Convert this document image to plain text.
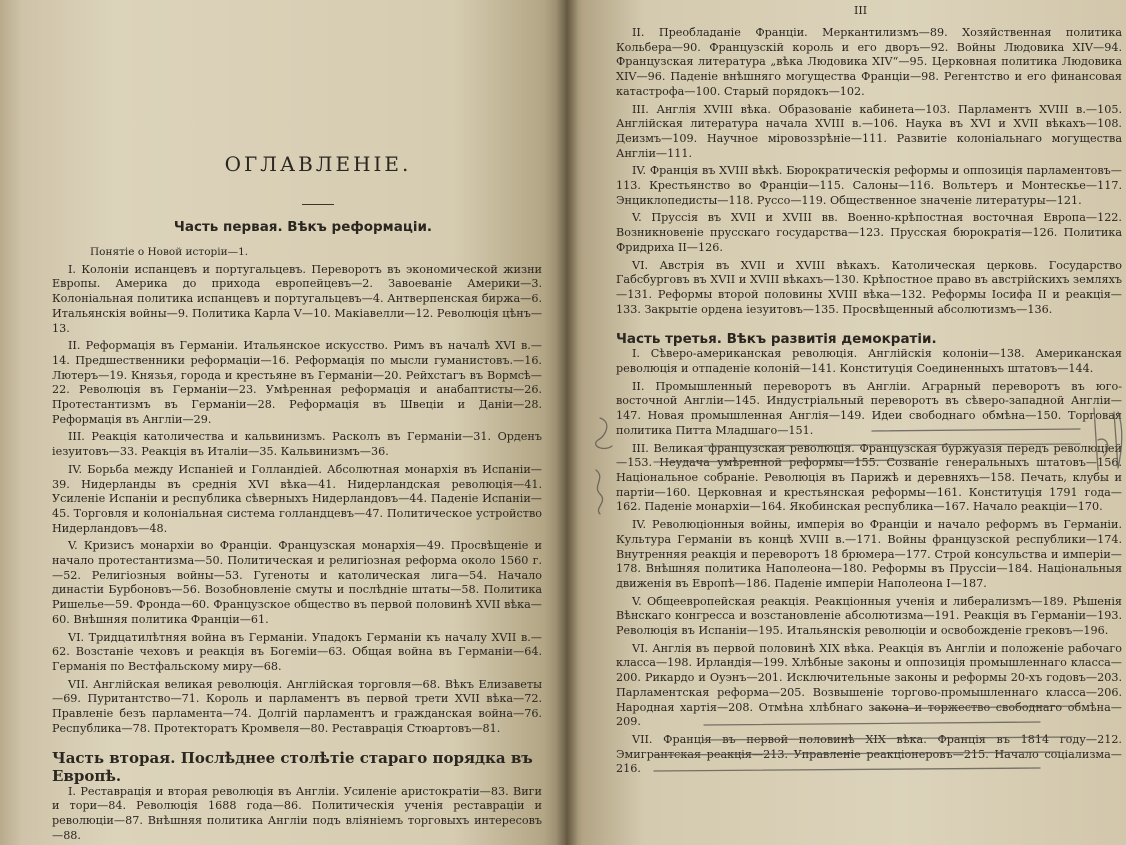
ОГЛАВЛЕНІЕ.
Часть первая. Вѣкъ реформаціи.

Понятіе о Новой исторіи—1.

I. Колоніи испанцевъ и португальцевъ. Переворотъ въ экономической жизни Европы. Америка до прихода европейцевъ—2. Завоеваніе Америки—3. Колоніальная политика испанцевъ и португальцевъ—4. Антверпенская биржа—6. Итальянскія войны—9. Политика Карла V—10. Макіавелли—12. Революція цѣнъ—13.

II. Реформація въ Германіи. Итальянское искусство. Римъ въ началѣ XVI в.—14. Предшественники реформаціи—16. Реформація по мысли гуманистовъ.—16. Лютеръ—19. Князья, города и крестьяне въ Германіи—20. Рейхстагъ въ Вормсѣ—22. Революція въ Германіи—23. Умѣренная реформація и анабаптисты—26. Протестантизмъ въ Германіи—28. Реформація въ Швеціи и Даніи—28. Реформація въ Англіи—29.

III. Реакція католичества и кальвинизмъ. Расколъ въ Германіи—31. Орденъ іезуитовъ—33. Реакція въ Италіи—35. Кальвинизмъ—36.

IV. Борьба между Испаніей и Голландіей. Абсолютная монархія въ Испаніи—39. Нидерланды въ среднія XVI вѣка—41. Нидерландская революція—41. Усиленіе Испаніи и республика сѣверныхъ Нидерландовъ—44. Паденіе Испаніи—45. Торговля и колоніальная система голландцевъ—47. Политическое устройство Нидерландовъ—48.

V. Кризисъ монархіи во Франціи. Французская монархія—49. Просвѣщеніе и начало протестантизма—50. Политическая и религіозная реформа около 1560 г.—52. Религіозныя войны—53. Гугеноты и католическая лига—54. Начало династіи Бурбоновъ—56. Возобновленіе смуты и послѣдніе штаты—58. Политика Ришелье—59. Фронда—60. Французское общество въ первой половинѣ XVII вѣка—60. Внѣшняя политика Франціи—61.

VI. Тридцатилѣтняя война въ Германіи. Упадокъ Германіи къ началу XVII в.—62. Возстаніе чеховъ и реакція въ Богеміи—63. Общая война въ Германіи—64. Германія по Вестфальскому миру—68.

VII. Англійская великая революція. Англійская торговля—68. Вѣкъ Елизаветы—69. Пуритантство—71. Король и парламентъ въ первой трети XVII вѣка—72. Правленіе безъ парламента—74. Долгій парламентъ и гражданская война—76. Республика—78. Протекторатъ Кромвеля—80. Реставрація Стюартовъ—81.

Часть вторая. Послѣднее столѣтіе стараго порядка въ Европѣ.

I. Реставрація и вторая революція въ Англіи. Усиленіе аристократіи—83. Виги и тори—84. Революція 1688 года—86. Политическія ученія реставраціи и революціи—87. Внѣшняя политика Англіи подъ вліяніемъ торговыхъ интересовъ—88.

III

II. Преобладаніе Франціи. Меркантилизмъ—89. Хозяйственная политика Кольбера—90. Французскій король и его дворъ—92. Войны Людовика XIV—94. Французская литература „вѣка Людовика XIV“—95. Церковная политика Людовика XIV—96. Паденіе внѣшняго могущества Франціи—98. Регентство и его финансовая катастрофа—100. Старый порядокъ—102.

III. Англія XVIII вѣка. Образованіе кабинета—103. Парламентъ XVIII в.—105. Англійская литература начала XVIII в.—106. Наука въ XVI и XVII вѣкахъ—108. Деизмъ—109. Научное міровоззрѣніе—111. Развитіе колоніальнаго могущества Англіи—111.

IV. Франція въ XVIII вѣкѣ. Бюрократическія реформы и оппозиція парламентовъ—113. Крестьянство во Франціи—115. Салоны—116. Вольтеръ и Монтескье—117. Энциклопедисты—118. Руссо—119. Общественное значеніе литературы—121.

V. Пруссія въ XVII и XVIII вв. Военно-крѣпостная восточная Европа—122. Возникновеніе прусскаго государства—123. Прусская бюрократія—126. Политика Фридриха II—126.

VI. Австрія въ XVII и XVIII вѣкахъ. Католическая церковь. Государство Габсбурговъ въ XVII и XVIII вѣкахъ—130. Крѣпостное право въ австрійскихъ земляхъ—131. Реформы второй половины XVIII вѣка—132. Реформы Іосифа II и реакція—133. Закрытіе ордена іезуитовъ—135. Просвѣщенный абсолютизмъ—136.

Часть третья. Вѣкъ развитія демократіи.

I. Сѣверо-американская революція. Англійскія колоніи—138. Американская революція и отпаденіе колоній—141. Конституція Соединенныхъ штатовъ—144.

II. Промышленный переворотъ въ Англіи. Аграрный переворотъ въ юго-восточной Англіи—145. Индустріальный переворотъ въ сѣверо-западной Англіи—147. Новая промышленная Англія—149. Идеи свободнаго обмѣна—150. Торговая политика Питта Младшаго—151.

III. Великая французская революція. Французская буржуазія передъ революціей—153. Неудача умѣренной реформы—155. Созваніе генеральныхъ штатовъ—156. Національное собраніе. Революція въ Парижѣ и деревняхъ—158. Печать, клубы и партіи—160. Церковная и крестьянская реформы—161. Конституція 1791 года—162. Паденіе монархіи—164. Якобинская республика—167. Начало реакціи—170.

IV. Революціонныя войны, имперія во Франціи и начало реформъ въ Германіи. Культура Германіи въ концѣ XVIII в.—171. Войны французской республики—174. Внутренняя реакція и переворотъ 18 брюмера—177. Строй консульства и имперіи—178. Внѣшняя политика Наполеона—180. Реформы въ Пруссіи—184. Національныя движенія въ Европѣ—186. Паденіе имперіи Наполеона I—187.

V. Общеевропейская реакція. Реакціонныя ученія и либерализмъ—189. Рѣшенія Вѣнскаго конгресса и возстановленіе абсолютизма—191. Реакція въ Германіи—193. Революція въ Испаніи—195. Итальянскія революціи и освобожденіе грековъ—196.

VI. Англія въ первой половинѣ XIX вѣка. Реакція въ Англіи и положеніе рабочаго класса—198. Ирландія—199. Хлѣбные законы и оппозиція промышленнаго класса—200. Рикардо и Оуэнъ—201. Исключительные законы и реформы 20-хъ годовъ—203. Парламентская реформа—205. Возвышеніе торгово-промышленнаго класса—206. Народная хартія—208. Отмѣна хлѣбнаго закона и торжество свободнаго обмѣна—209.

VII. Франція въ первой половинѣ XIX вѣка. Франція въ 1814 году—212. Эмигрантская реакція—213. Управленіе реакціонеровъ—215. Начало соціализма—216.
